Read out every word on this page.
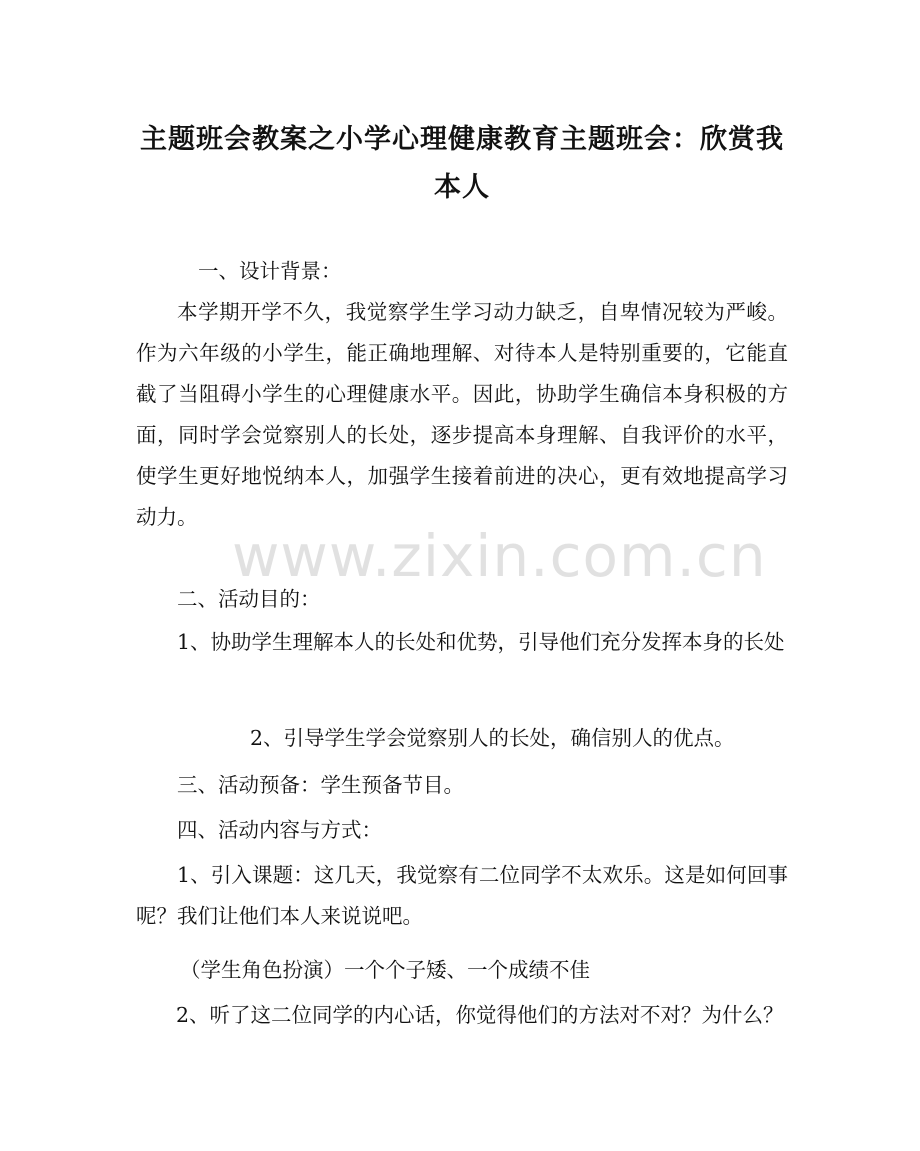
主题班会教案之小学心理健康教育主题班会：欣赏我本人

一、设计背景：

本学期开学不久，我觉察学生学习动力缺乏，自卑情况较为严峻。作为六年级的小学生，能正确地理解、对待本人是特别重要的，它能直截了当阻碍小学生的心理健康水平。因此，协助学生确信本身积极的方面，同时学会觉察别人的长处，逐步提高本身理解、自我评价的水平，使学生更好地悦纳本人，加强学生接着前进的决心，更有效地提高学习动力。

二、活动目的：

1、协助学生理解本人的长处和优势，引导他们充分发挥本身的长处

2、引导学生学会觉察别人的长处，确信别人的优点。

三、活动预备：学生预备节目。

四、活动内容与方式：

1、引入课题：这几天，我觉察有二位同学不太欢乐。这是如何回事呢？我们让他们本人来说说吧。

（学生角色扮演）一个个子矮、一个成绩不佳

2、听了这二位同学的内心话，你觉得他们的方法对不对？为什么？

www.zixin.com.cn
